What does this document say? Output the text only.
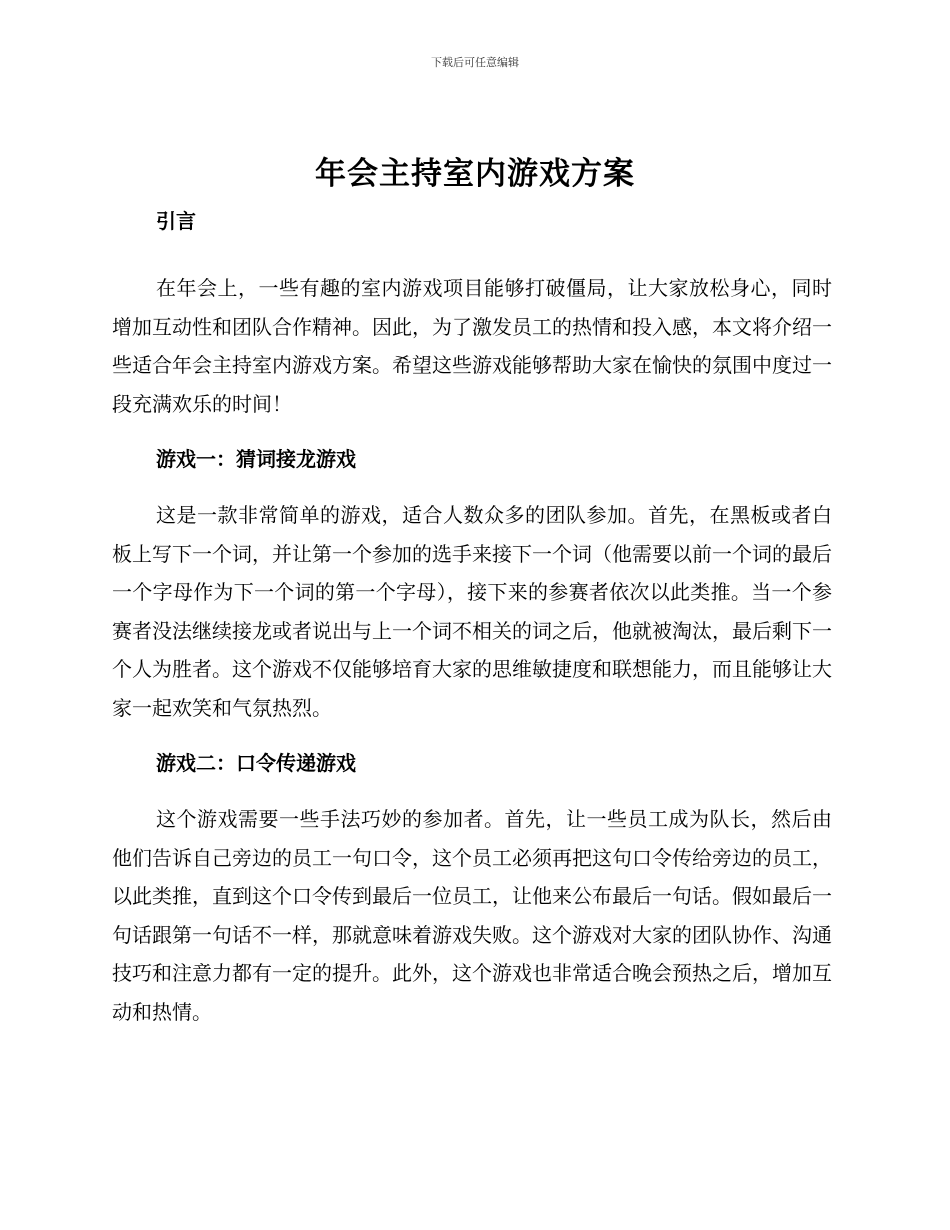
下载后可任意编辑
年会主持室内游戏方案
引言

在年会上，一些有趣的室内游戏项目能够打破僵局，让大家放松身心，同时增加互动性和团队合作精神。因此，为了激发员工的热情和投入感，本文将介绍一些适合年会主持室内游戏方案。希望这些游戏能够帮助大家在愉快的氛围中度过一段充满欢乐的时间！

游戏一：猜词接龙游戏

这是一款非常简单的游戏，适合人数众多的团队参加。首先，在黑板或者白板上写下一个词，并让第一个参加的选手来接下一个词（他需要以前一个词的最后一个字母作为下一个词的第一个字母），接下来的参赛者依次以此类推。当一个参赛者没法继续接龙或者说出与上一个词不相关的词之后，他就被淘汰，最后剩下一个人为胜者。这个游戏不仅能够培育大家的思维敏捷度和联想能力，而且能够让大家一起欢笑和气氛热烈。

游戏二：口令传递游戏

这个游戏需要一些手法巧妙的参加者。首先，让一些员工成为队长，然后由他们告诉自己旁边的员工一句口令，这个员工必须再把这句口令传给旁边的员工，以此类推，直到这个口令传到最后一位员工，让他来公布最后一句话。假如最后一句话跟第一句话不一样，那就意味着游戏失败。这个游戏对大家的团队协作、沟通技巧和注意力都有一定的提升。此外，这个游戏也非常适合晚会预热之后，增加互动和热情。
